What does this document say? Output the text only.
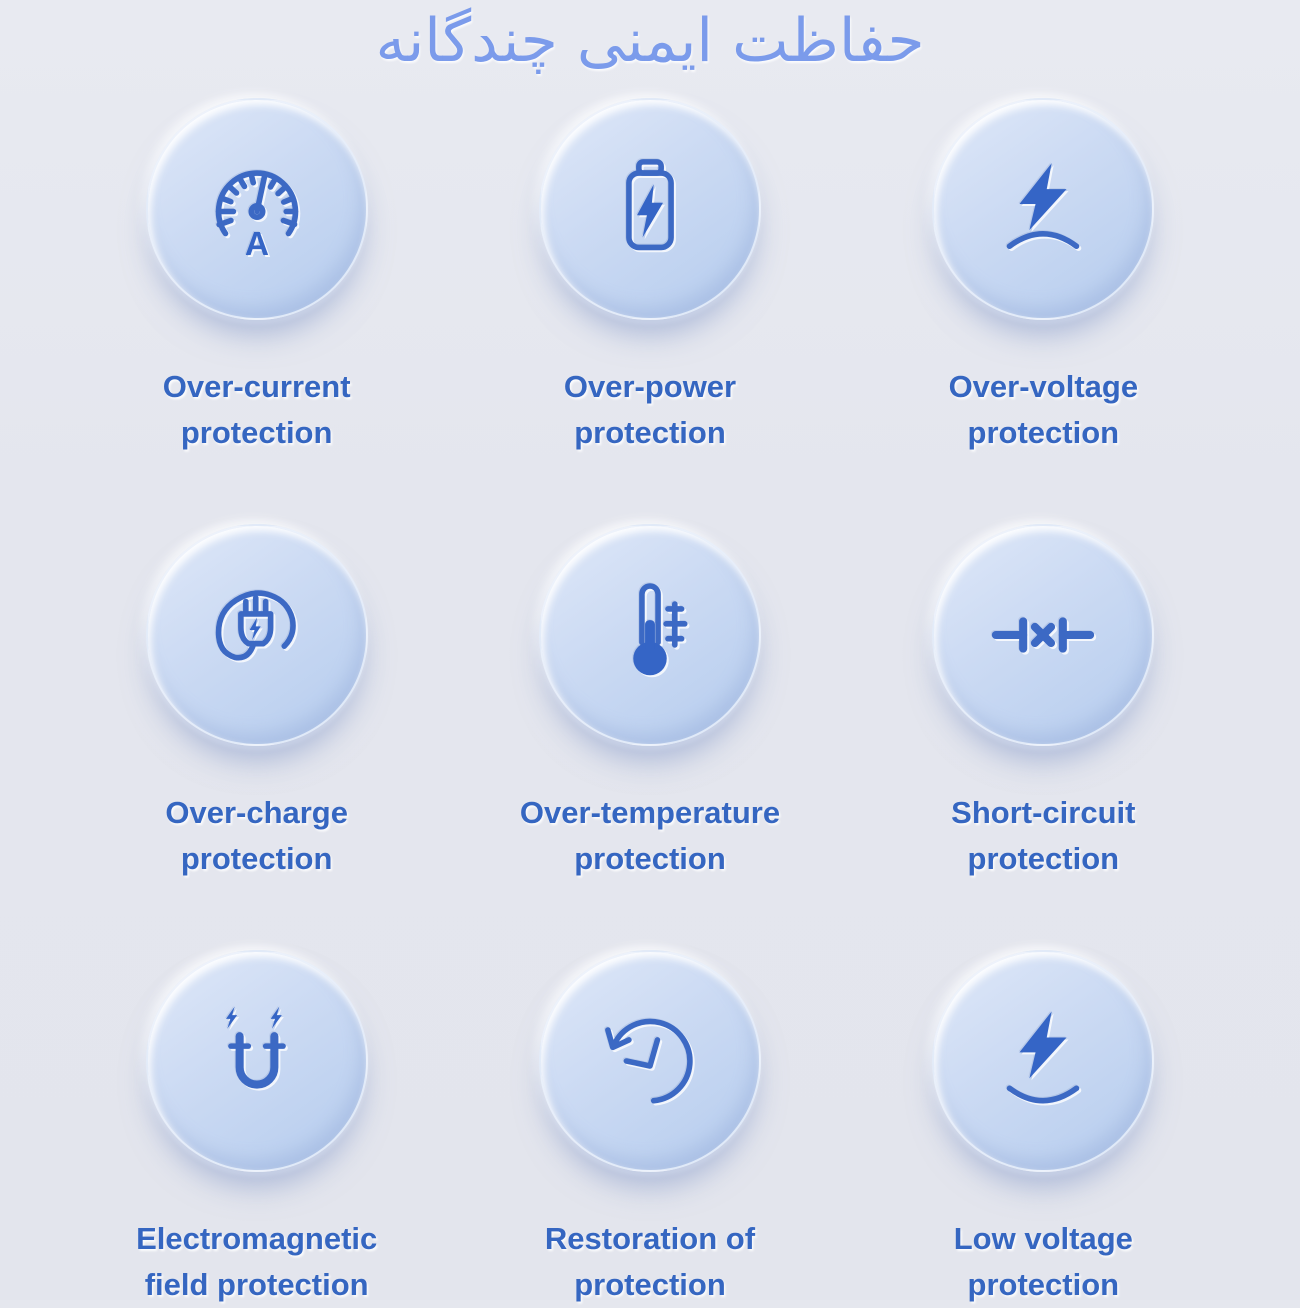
حفاظت ایمنی چندگانه
A
Over-current
protection
Over-power
protection
Over-voltage
protection
Over-charge
protection
Over-temperature
protection
Short-circuit
protection
Electromagnetic
field protection
Restoration of
protection
Low voltage
protection
